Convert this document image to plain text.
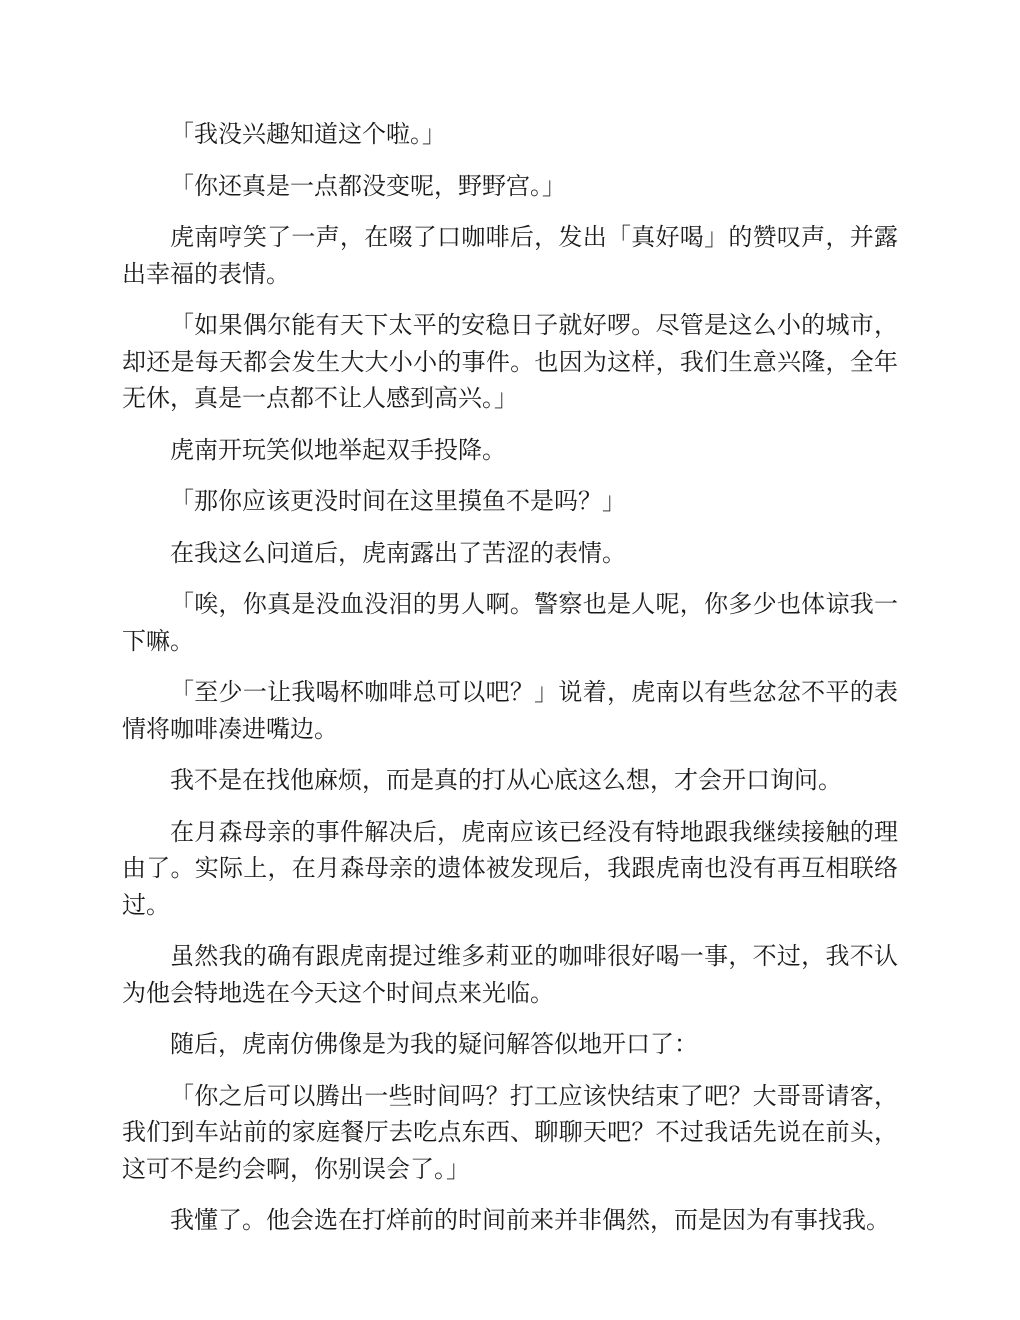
「我没兴趣知道这个啦。」

「你还真是一点都没变呢，野野宫。」

虎南哼笑了一声，在啜了口咖啡后，发出「真好喝」的赞叹声，并露出幸福的表情。

「如果偶尔能有天下太平的安稳日子就好啰。尽管是这么小的城市，却还是每天都会发生大大小小的事件。也因为这样，我们生意兴隆，全年无休，真是一点都不让人感到高兴。」

虎南开玩笑似地举起双手投降。

「那你应该更没时间在这里摸鱼不是吗？」

在我这么问道后，虎南露出了苦涩的表情。

「唉，你真是没血没泪的男人啊。警察也是人呢，你多少也体谅我一下嘛。

「至少一让我喝杯咖啡总可以吧？」说着，虎南以有些忿忿不平的表情将咖啡凑进嘴边。

我不是在找他麻烦，而是真的打从心底这么想，才会开口询问。

在月森母亲的事件解决后，虎南应该已经没有特地跟我继续接触的理由了。实际上，在月森母亲的遗体被发现后，我跟虎南也没有再互相联络过。

虽然我的确有跟虎南提过维多莉亚的咖啡很好喝一事，不过，我不认为他会特地选在今天这个时间点来光临。

随后，虎南仿佛像是为我的疑问解答似地开口了：

「你之后可以腾出一些时间吗？打工应该快结束了吧？大哥哥请客，我们到车站前的家庭餐厅去吃点东西、聊聊天吧？不过我话先说在前头，这可不是约会啊，你别误会了。」

我懂了。他会选在打烊前的时间前来并非偶然，而是因为有事找我。
